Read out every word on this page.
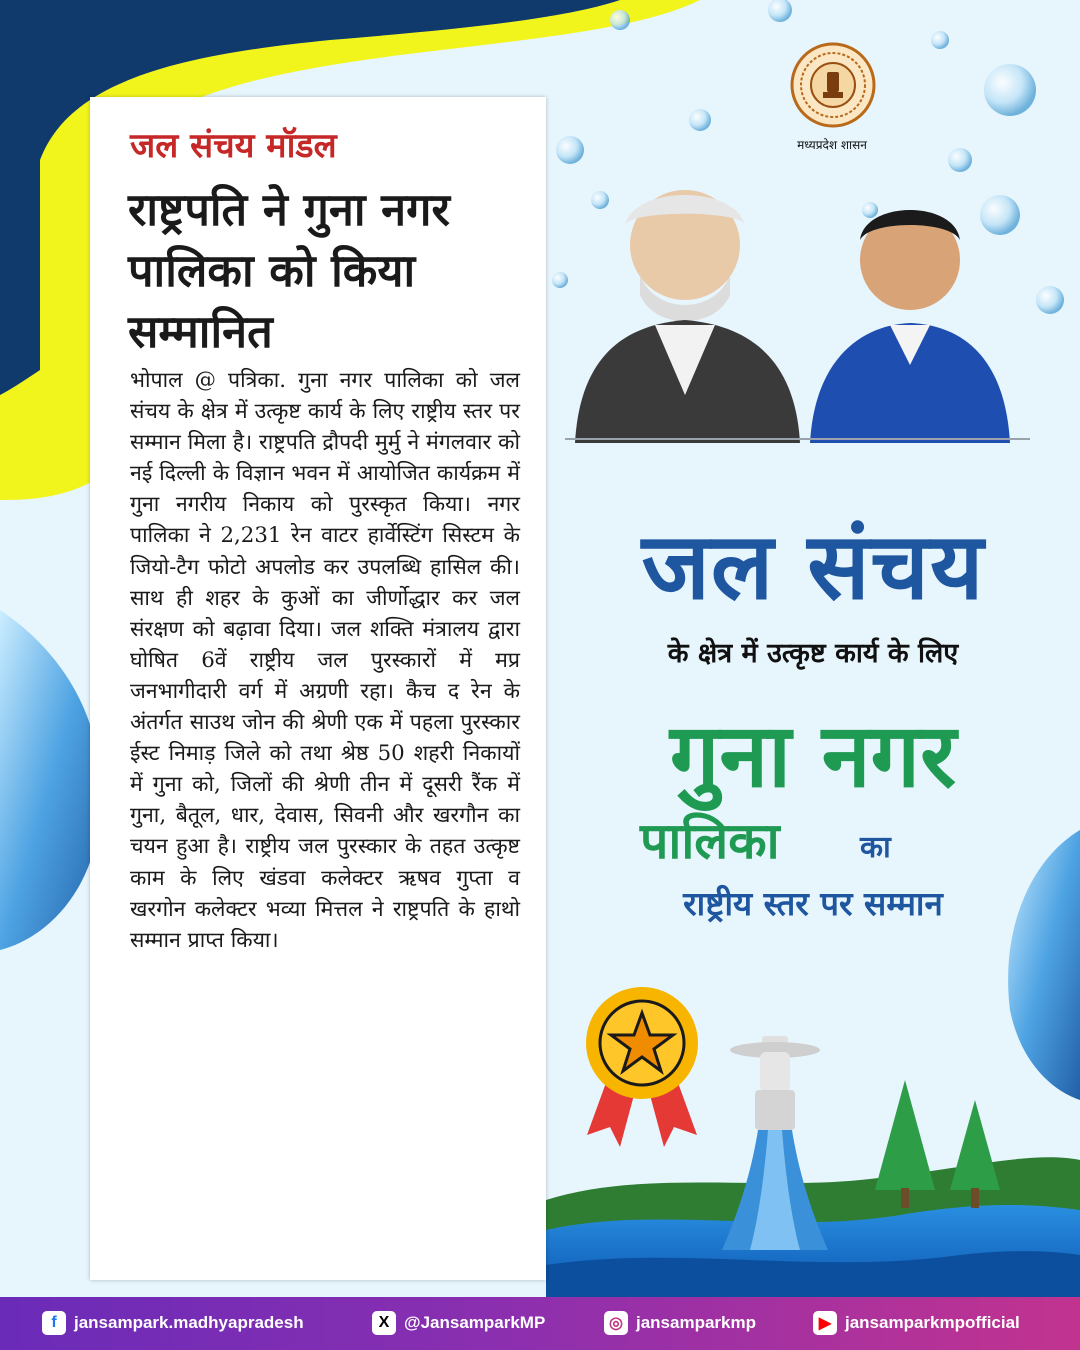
जल संचय मॉडल
राष्ट्रपति ने गुना नगर पालिका को किया सम्मानित
भोपाल @ पत्रिका. गुना नगर पालिका को जल संचय के क्षेत्र में उत्कृष्ट कार्य के लिए राष्ट्रीय स्तर पर सम्मान मिला है। राष्ट्रपति द्रौपदी मुर्मु ने मंगलवार को नई दिल्ली के विज्ञान भवन में आयोजित कार्यक्रम में गुना नगरीय निकाय को पुरस्कृत किया। नगर पालिका ने 2,231 रेन वाटर हार्वेस्टिंग सिस्टम के जियो-टैग फोटो अपलोड कर उपलब्धि हासिल की। साथ ही शहर के कुओं का जीर्णोद्धार कर जल संरक्षण को बढ़ावा दिया। जल शक्ति मंत्रालय द्वारा घोषित 6वें राष्ट्रीय जल पुरस्कारों में मप्र जनभागीदारी वर्ग में अग्रणी रहा। कैच द रेन के अंतर्गत साउथ जोन की श्रेणी एक में पहला पुरस्कार ईस्ट निमाड़ जिले को तथा श्रेष्ठ 50 शहरी निकायों में गुना को, जिलों की श्रेणी तीन में दूसरी रैंक में गुना, बैतूल, धार, देवास, सिवनी और खरगौन का चयन हुआ है। राष्ट्रीय जल पुरस्कार के तहत उत्कृष्ट काम के लिए खंडवा कलेक्टर ऋषव गुप्ता व खरगोन कलेक्टर भव्या मित्तल ने राष्ट्रपति के हाथो सम्मान प्राप्त किया।
मध्यप्रदेश शासन
जल संचय
के क्षेत्र में उत्कृष्ट कार्य के लिए
गुना नगर
पालिका	का
राष्ट्रीय स्तर पर सम्मान
f	jansampark.madhyapradesh	X @JansamparkMP	◎ jansamparkmp	▶ jansamparkmpofficial
